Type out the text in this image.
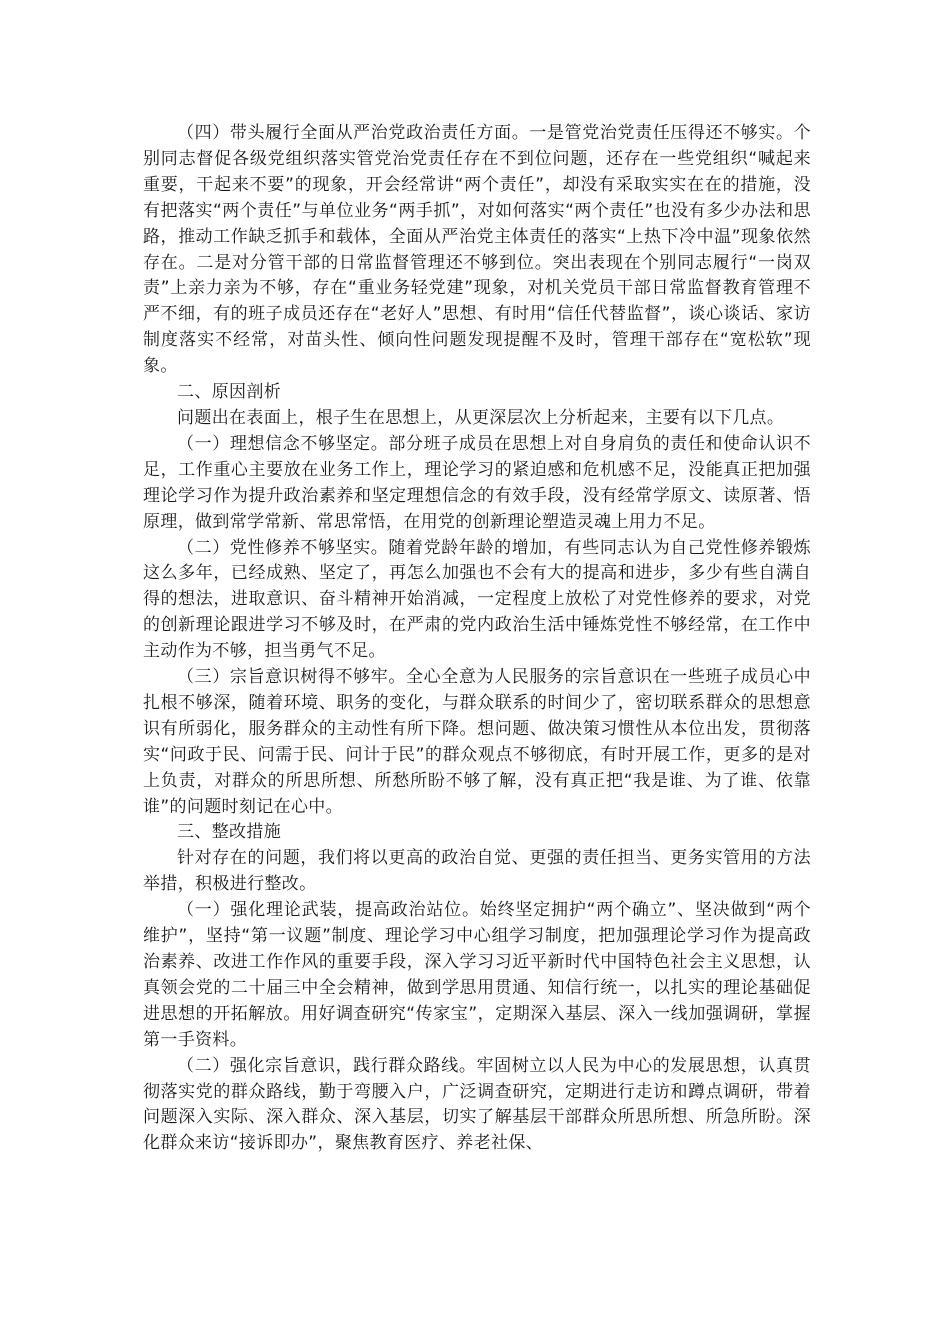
（四）带头履行全面从严治党政治责任方面。一是管党治党责任压得还不够实。个别同志督促各级党组织落实管党治党责任存在不到位问题，还存在一些党组织“喊起来重要，干起来不要”的现象，开会经常讲“两个责任”，却没有采取实实在在的措施，没有把落实“两个责任”与单位业务“两手抓”，对如何落实“两个责任”也没有多少办法和思路，推动工作缺乏抓手和载体，全面从严治党主体责任的落实“上热下冷中温”现象依然存在。二是对分管干部的日常监督管理还不够到位。突出表现在个别同志履行“一岗双责”上亲力亲为不够，存在“重业务轻党建”现象，对机关党员干部日常监督教育管理不严不细，有的班子成员还存在“老好人”思想、有时用“信任代替监督”，谈心谈话、家访制度落实不经常，对苗头性、倾向性问题发现提醒不及时，管理干部存在“宽松软”现象。

二、原因剖析

问题出在表面上，根子生在思想上，从更深层次上分析起来，主要有以下几点。

（一）理想信念不够坚定。部分班子成员在思想上对自身肩负的责任和使命认识不足，工作重心主要放在业务工作上，理论学习的紧迫感和危机感不足，没能真正把加强理论学习作为提升政治素养和坚定理想信念的有效手段，没有经常学原文、读原著、悟原理，做到常学常新、常思常悟，在用党的创新理论塑造灵魂上用力不足。

（二）党性修养不够坚实。随着党龄年龄的增加，有些同志认为自己党性修养锻炼这么多年，已经成熟、坚定了，再怎么加强也不会有大的提高和进步，多少有些自满自得的想法，进取意识、奋斗精神开始消减，一定程度上放松了对党性修养的要求，对党的创新理论跟进学习不够及时，在严肃的党内政治生活中锤炼党性不够经常，在工作中主动作为不够，担当勇气不足。

（三）宗旨意识树得不够牢。全心全意为人民服务的宗旨意识在一些班子成员心中扎根不够深，随着环境、职务的变化，与群众联系的时间少了，密切联系群众的思想意识有所弱化，服务群众的主动性有所下降。想问题、做决策习惯性从本位出发，贯彻落实“问政于民、问需于民、问计于民”的群众观点不够彻底，有时开展工作，更多的是对上负责，对群众的所思所想、所愁所盼不够了解，没有真正把“我是谁、为了谁、依靠谁”的问题时刻记在心中。

三、整改措施

针对存在的问题，我们将以更高的政治自觉、更强的责任担当、更务实管用的方法举措，积极进行整改。

（一）强化理论武装，提高政治站位。始终坚定拥护“两个确立”、坚决做到“两个维护”，坚持“第一议题”制度、理论学习中心组学习制度，把加强理论学习作为提高政治素养、改进工作作风的重要手段，深入学习习近平新时代中国特色社会主义思想，认真领会党的二十届三中全会精神，做到学思用贯通、知信行统一，以扎实的理论基础促进思想的开拓解放。用好调查研究“传家宝”，定期深入基层、深入一线加强调研，掌握第一手资料。

（二）强化宗旨意识，践行群众路线。牢固树立以人民为中心的发展思想，认真贯彻落实党的群众路线，勤于弯腰入户，广泛调查研究，定期进行走访和蹲点调研，带着问题深入实际、深入群众、深入基层，切实了解基层干部群众所思所想、所急所盼。深化群众来访“接诉即办”，聚焦教育医疗、养老社保、
